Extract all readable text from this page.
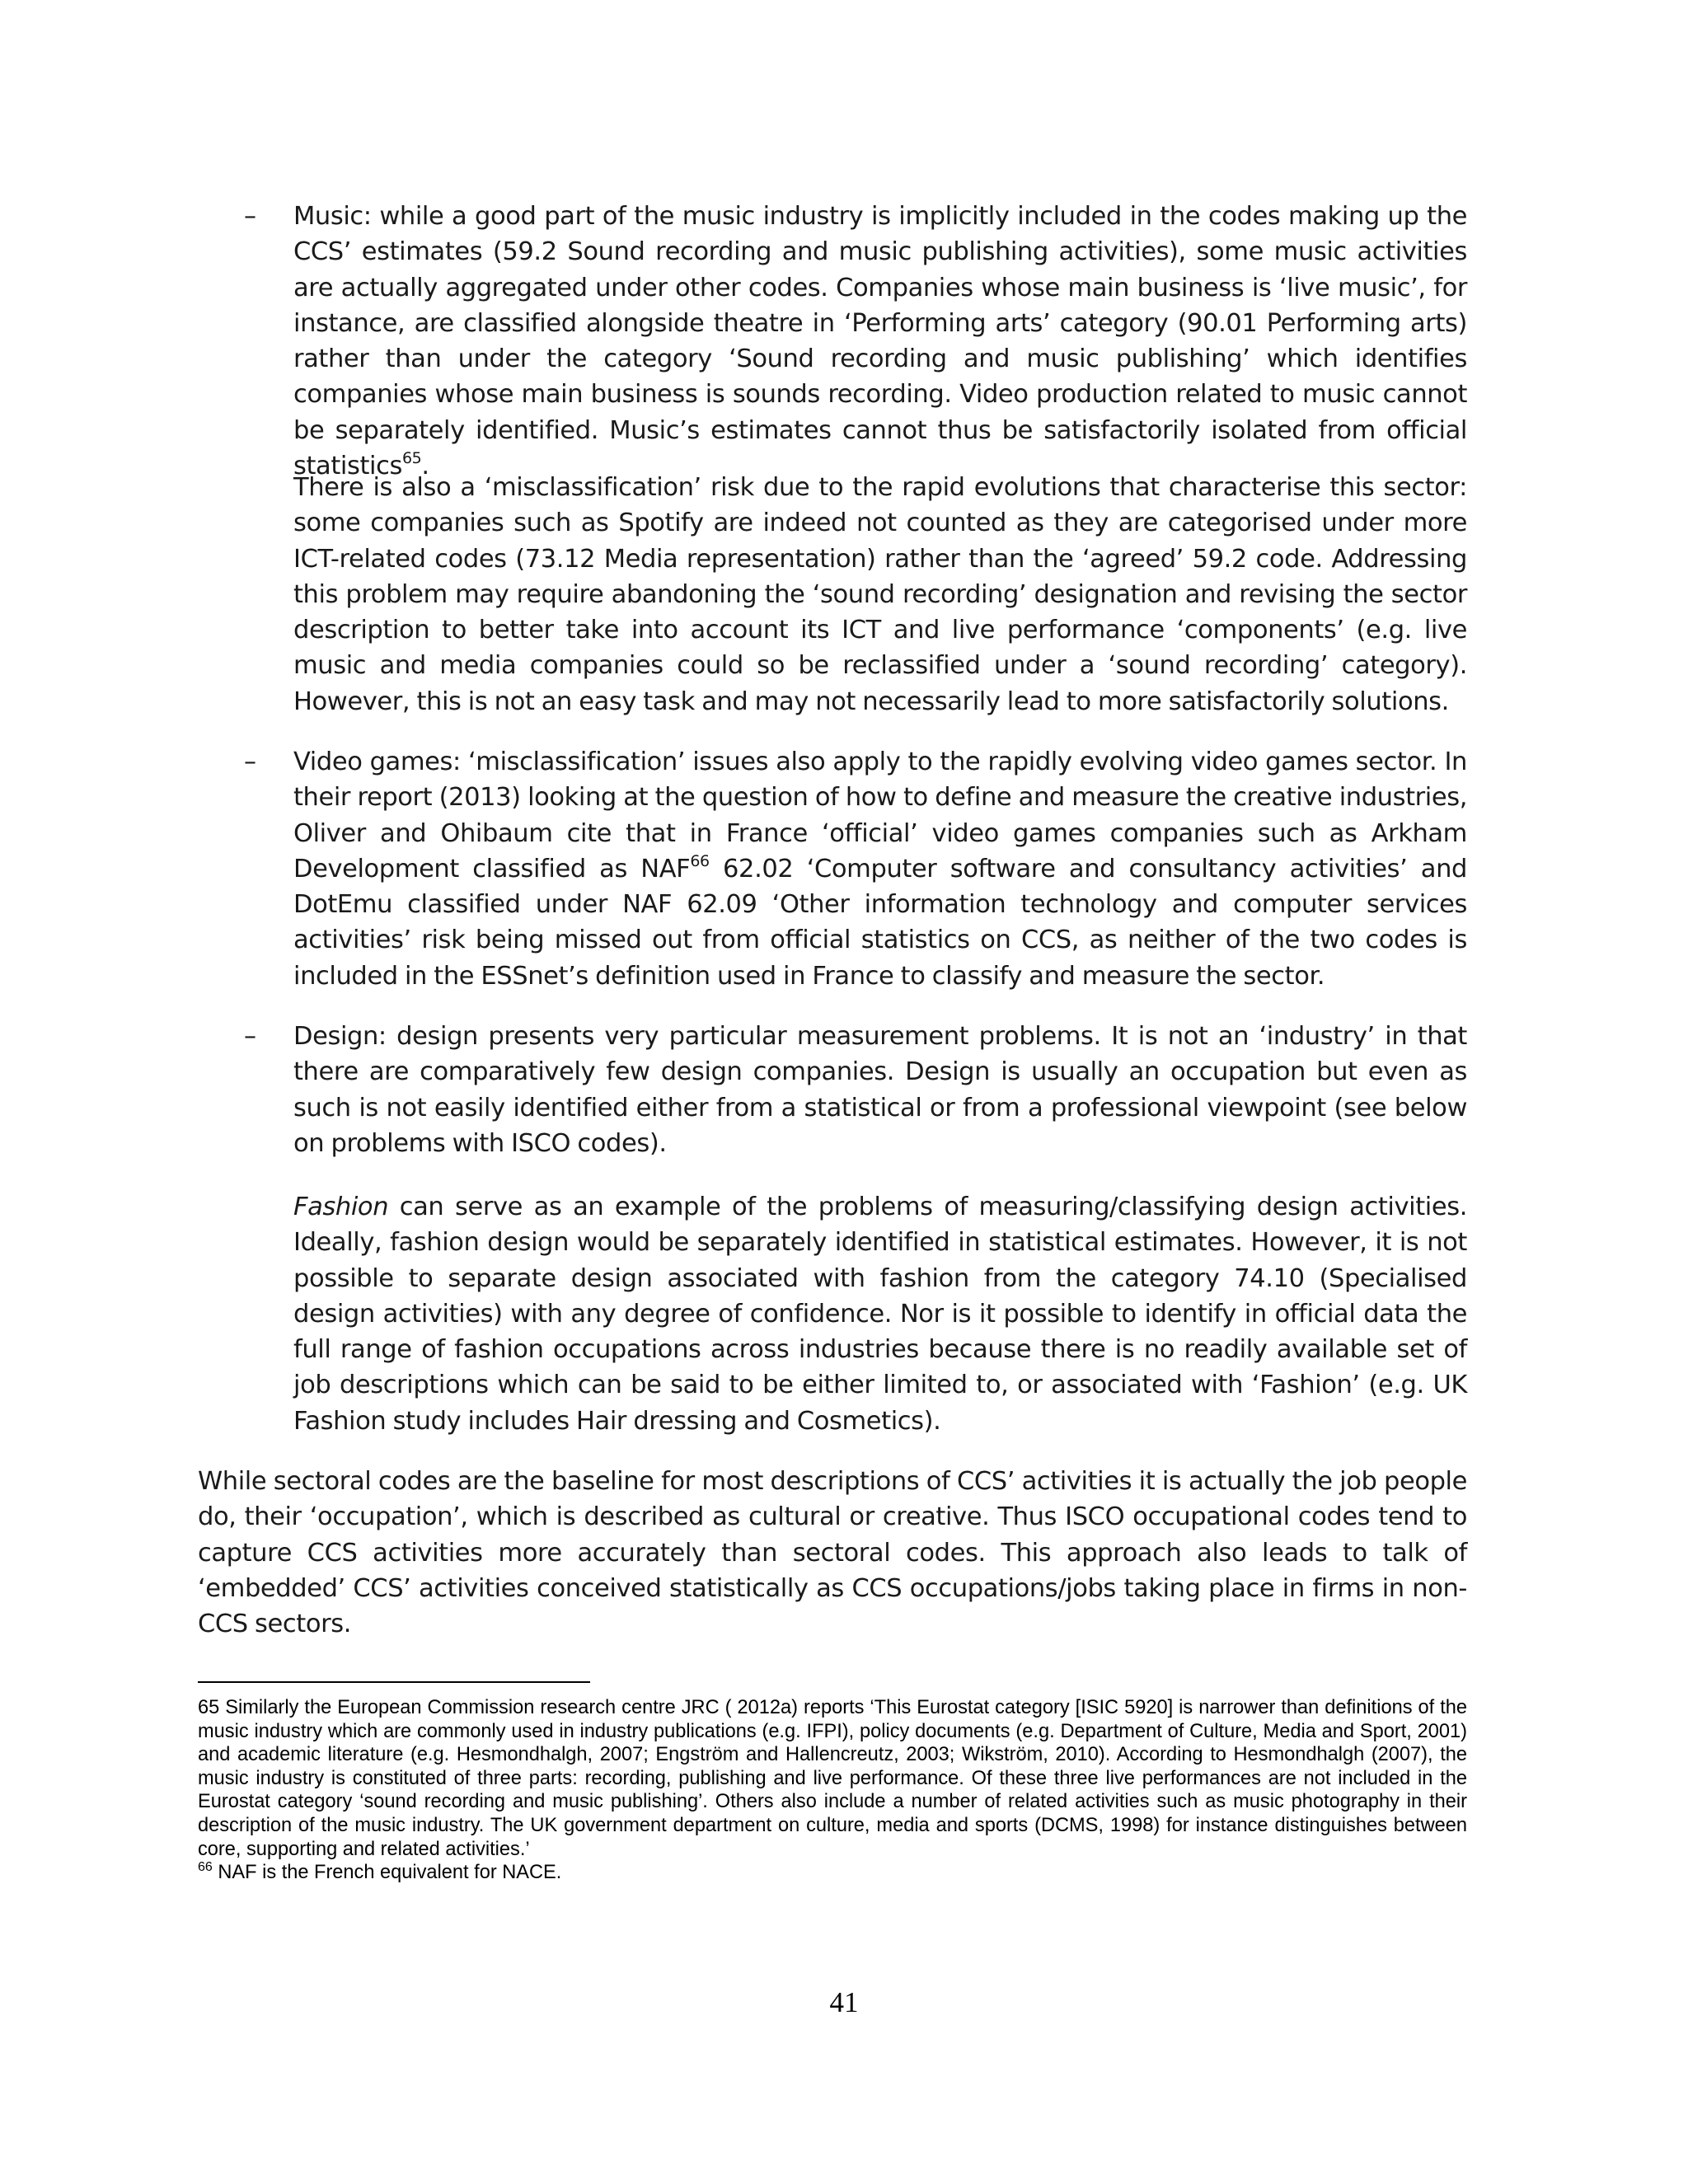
– Music: while a good part of the music industry is implicitly included in the codes making up the CCS’ estimates (59.2 Sound recording and music publishing activities), some music activities are actually aggregated under other codes. Companies whose main business is ‘live music’, for instance, are classified alongside theatre in ‘Performing arts’ category (90.01 Performing arts) rather than under the category ‘Sound recording and music publishing’ which identifies companies whose main business is sounds recording. Video production related to music cannot be separately identified. Music’s estimates cannot thus be satisfactorily isolated from official statistics$^{65}$.
There is also a ‘misclassification’ risk due to the rapid evolutions that characterise this sector: some companies such as Spotify are indeed not counted as they are categorised under more ICT-related codes (73.12 Media representation) rather than the ‘agreed’ 59.2 code. Addressing this problem may require abandoning the ‘sound recording’ designation and revising the sector description to better take into account its ICT and live performance ‘components’ (e.g. live music and media companies could so be reclassified under a ‘sound recording’ category). However, this is not an easy task and may not necessarily lead to more satisfactorily solutions.
– Video games: ‘misclassification’ issues also apply to the rapidly evolving video games sector. In their report (2013) looking at the question of how to define and measure the creative industries, Oliver and Ohibaum cite that in France ‘official’ video games companies such as Arkham Development classified as NAF$^{66}$ 62.02 ‘Computer software and consultancy activities’ and DotEmu classified under NAF 62.09 ‘Other information technology and computer services activities’ risk being missed out from official statistics on CCS, as neither of the two codes is included in the ESSnet’s definition used in France to classify and measure the sector.
– Design: design presents very particular measurement problems. It is not an ‘industry’ in that there are comparatively few design companies. Design is usually an occupation but even as such is not easily identified either from a statistical or from a professional viewpoint (see below on problems with ISCO codes).
Fashion can serve as an example of the problems of measuring/classifying design activities. Ideally, fashion design would be separately identified in statistical estimates. However, it is not possible to separate design associated with fashion from the category 74.10 (Specialised design activities) with any degree of confidence. Nor is it possible to identify in official data the full range of fashion occupations across industries because there is no readily available set of job descriptions which can be said to be either limited to, or associated with ‘Fashion’ (e.g. UK Fashion study includes Hair dressing and Cosmetics).
While sectoral codes are the baseline for most descriptions of CCS’ activities it is actually the job people do, their ‘occupation’, which is described as cultural or creative. Thus ISCO occupational codes tend to capture CCS activities more accurately than sectoral codes. This approach also leads to talk of ‘embedded’ CCS’ activities conceived statistically as CCS occupations/jobs taking place in firms in non-CCS sectors.
65 Similarly the European Commission research centre JRC ( 2012a) reports ‘This Eurostat category [ISIC 5920] is narrower than definitions of the music industry which are commonly used in industry publications (e.g. IFPI), policy documents (e.g. Department of Culture, Media and Sport, 2001) and academic literature (e.g. Hesmondhalgh, 2007; Engström and Hallencreutz, 2003; Wikström, 2010). According to Hesmondhalgh (2007), the music industry is constituted of three parts: recording, publishing and live performance. Of these three live performances are not included in the Eurostat category ‘sound recording and music publishing’. Others also include a number of related activities such as music photography in their description of the music industry. The UK government department on culture, media and sports (DCMS, 1998) for instance distinguishes between core, supporting and related activities.’
$^{66}$ NAF is the French equivalent for NACE.
41
